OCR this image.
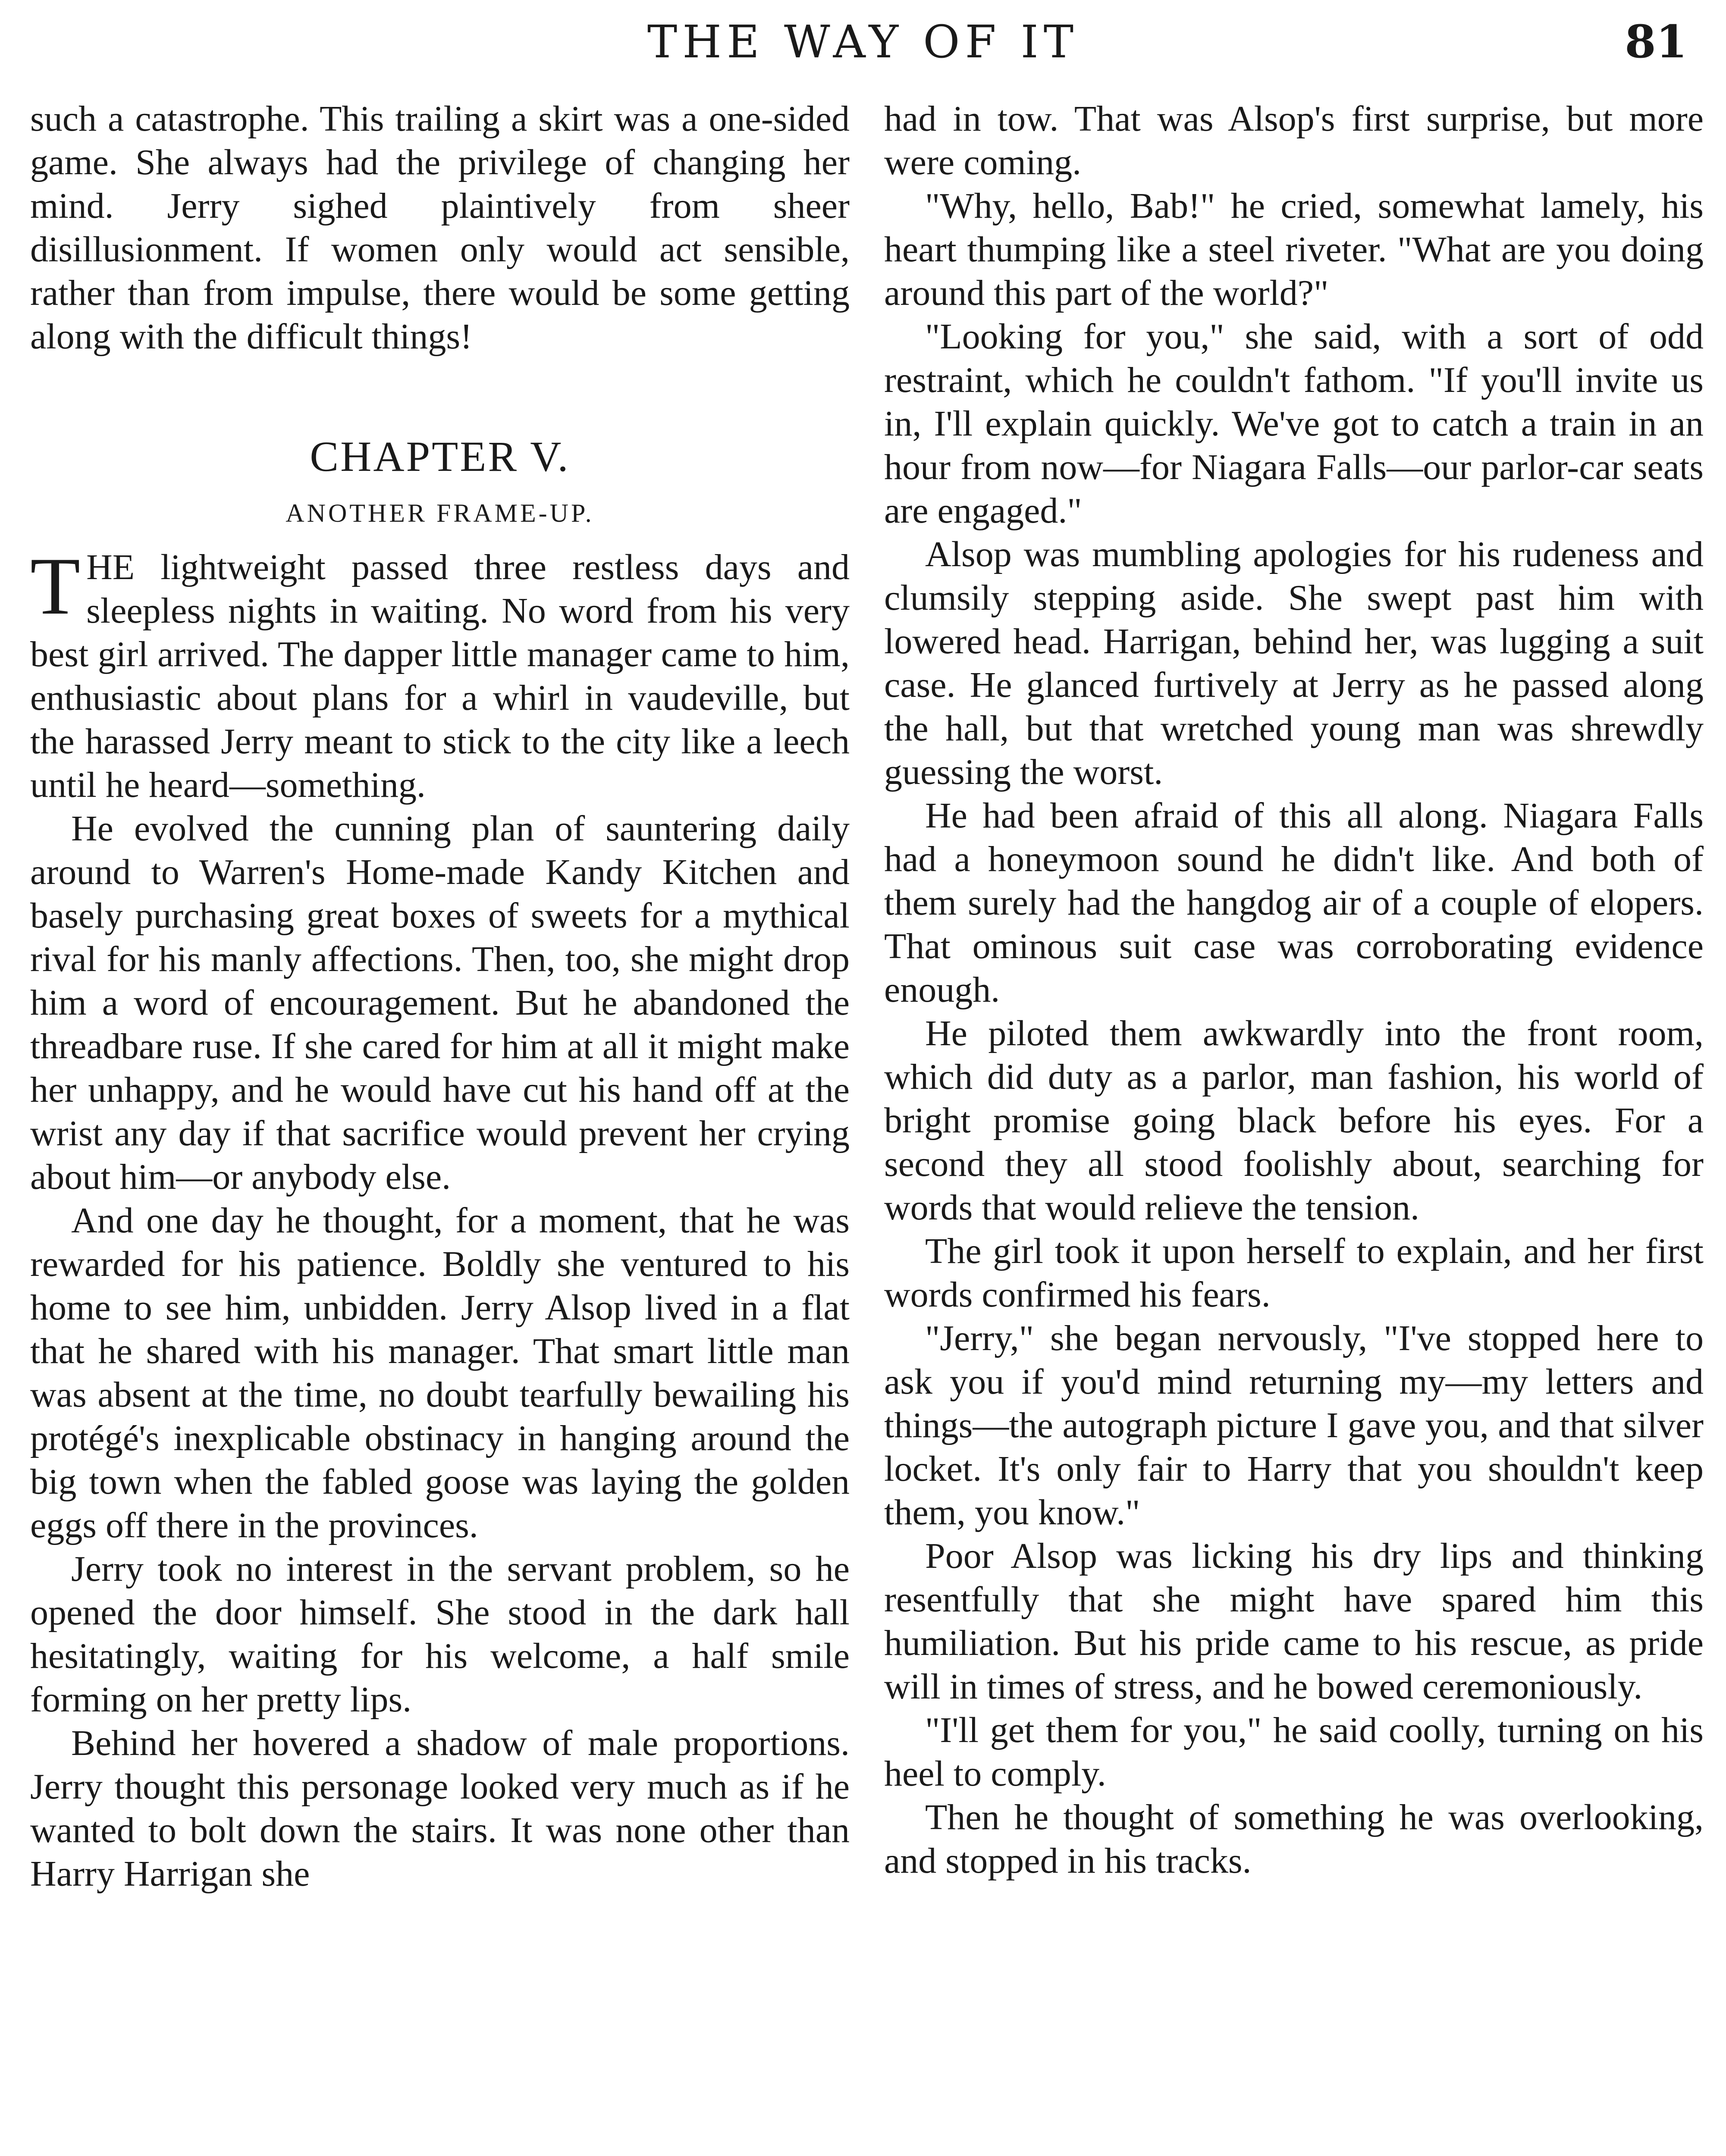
THE WAY OF IT	81

such a catastrophe. This trailing a skirt was a one-sided game. She always had the privilege of changing her mind. Jerry sighed plaintively from sheer disillusionment. If women only would act sensible, rather than from impulse, there would be some getting along with the difficult things!

CHAPTER V.
ANOTHER FRAME-UP.

THE lightweight passed three restless days and sleepless nights in waiting. No word from his very best girl arrived. The dapper little manager came to him, enthusiastic about plans for a whirl in vaudeville, but the harassed Jerry meant to stick to the city like a leech until he heard—something.

He evolved the cunning plan of sauntering daily around to Warren's Home-made Kandy Kitchen and basely purchasing great boxes of sweets for a mythical rival for his manly affections. Then, too, she might drop him a word of encouragement. But he abandoned the threadbare ruse. If she cared for him at all it might make her unhappy, and he would have cut his hand off at the wrist any day if that sacrifice would prevent her crying about him—or anybody else.

And one day he thought, for a moment, that he was rewarded for his patience. Boldly she ventured to his home to see him, unbidden. Jerry Alsop lived in a flat that he shared with his manager. That smart little man was absent at the time, no doubt tearfully bewailing his protégé's inexplicable obstinacy in hanging around the big town when the fabled goose was laying the golden eggs off there in the provinces.

Jerry took no interest in the servant problem, so he opened the door himself. She stood in the dark hall hesitatingly, waiting for his welcome, a half smile forming on her pretty lips.

Behind her hovered a shadow of male proportions. Jerry thought this personage looked very much as if he wanted to bolt down the stairs. It was none other than Harry Harrigan she

had in tow. That was Alsop's first surprise, but more were coming.

"Why, hello, Bab!" he cried, somewhat lamely, his heart thumping like a steel riveter. "What are you doing around this part of the world?"

"Looking for you," she said, with a sort of odd restraint, which he couldn't fathom. "If you'll invite us in, I'll explain quickly. We've got to catch a train in an hour from now—for Niagara Falls—our parlor-car seats are engaged."

Alsop was mumbling apologies for his rudeness and clumsily stepping aside. She swept past him with lowered head. Harrigan, behind her, was lugging a suit case. He glanced furtively at Jerry as he passed along the hall, but that wretched young man was shrewdly guessing the worst.

He had been afraid of this all along. Niagara Falls had a honeymoon sound he didn't like. And both of them surely had the hangdog air of a couple of elopers. That ominous suit case was corroborating evidence enough.

He piloted them awkwardly into the front room, which did duty as a parlor, man fashion, his world of bright promise going black before his eyes. For a second they all stood foolishly about, searching for words that would relieve the tension.

The girl took it upon herself to explain, and her first words confirmed his fears.

"Jerry," she began nervously, "I've stopped here to ask you if you'd mind returning my—my letters and things—the autograph picture I gave you, and that silver locket. It's only fair to Harry that you shouldn't keep them, you know."

Poor Alsop was licking his dry lips and thinking resentfully that she might have spared him this humiliation. But his pride came to his rescue, as pride will in times of stress, and he bowed ceremoniously.

"I'll get them for you," he said coolly, turning on his heel to comply.

Then he thought of something he was overlooking, and stopped in his tracks.
